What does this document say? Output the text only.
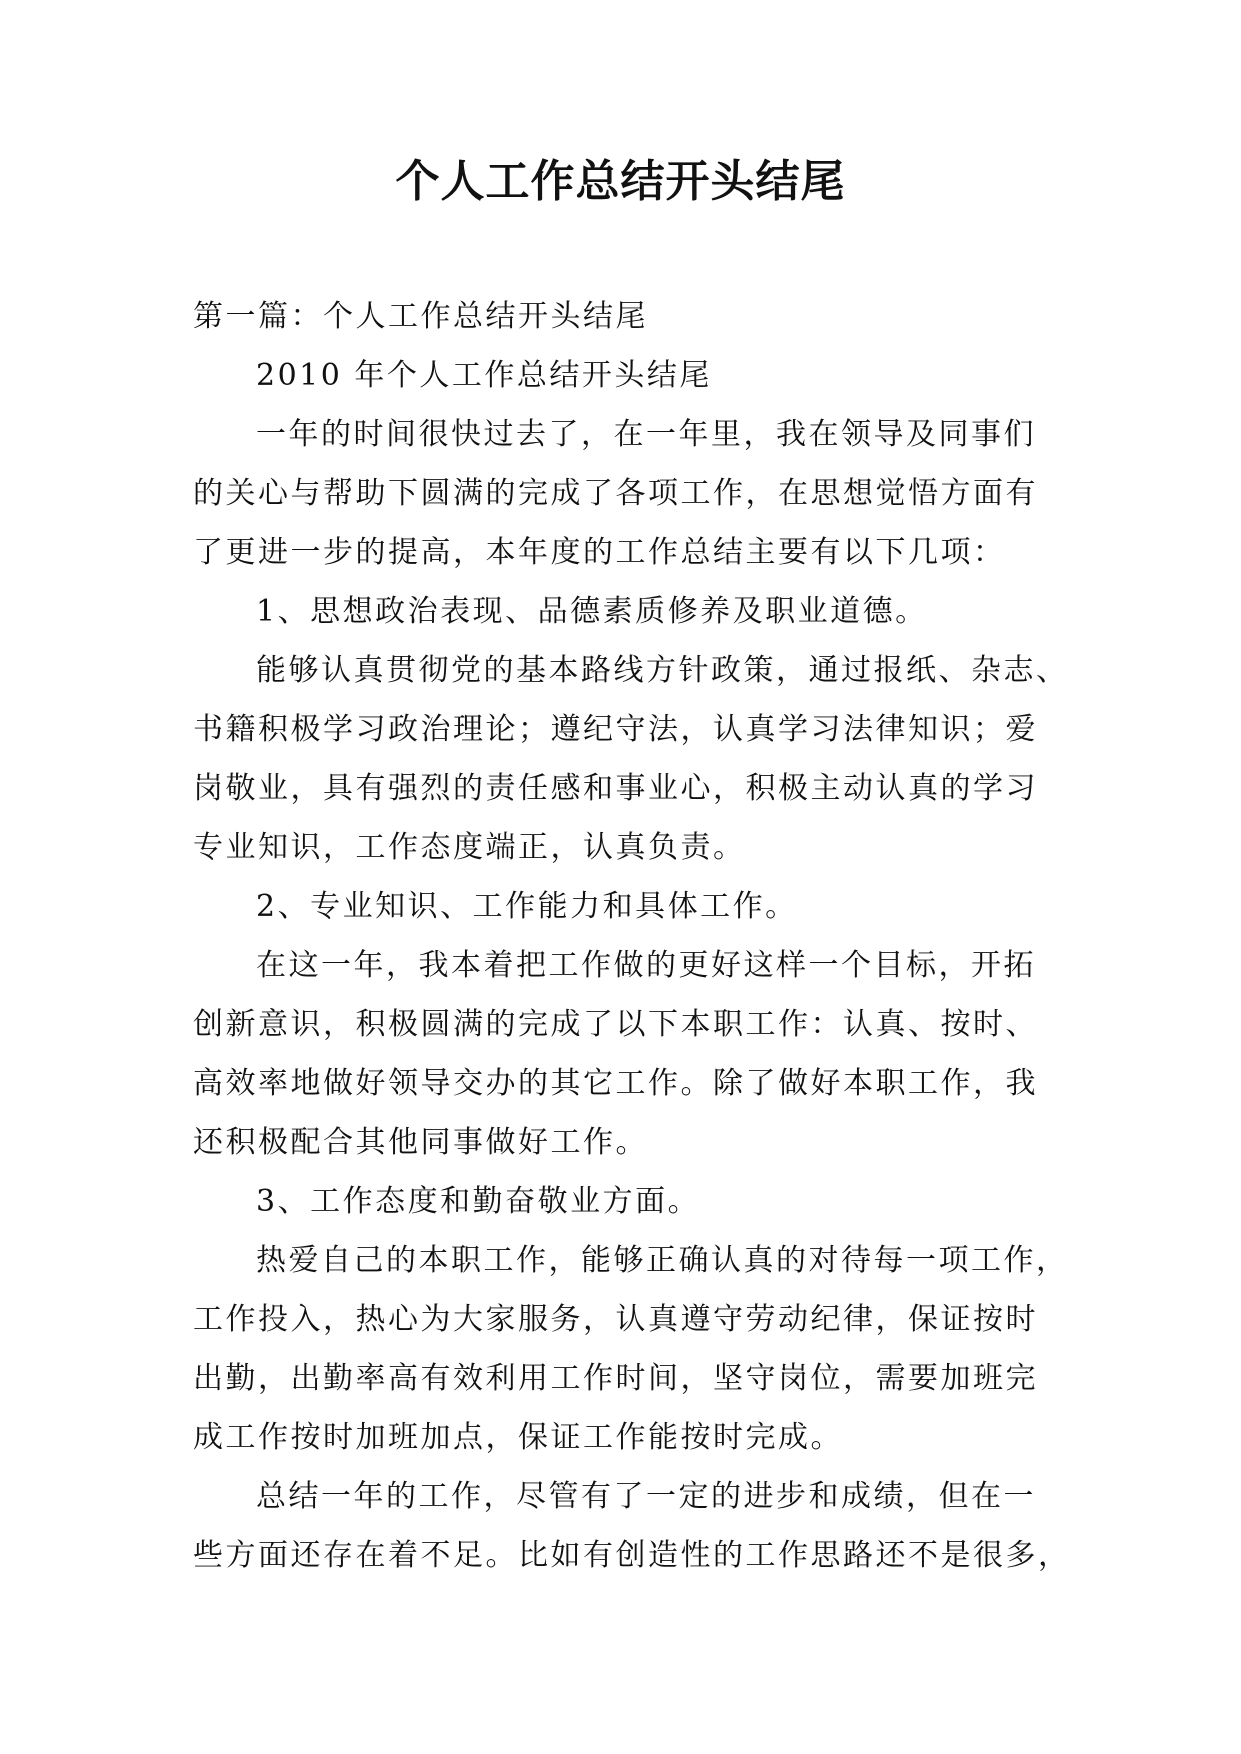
个人工作总结开头结尾

第一篇：个人工作总结开头结尾

2010 年个人工作总结开头结尾

一年的时间很快过去了，在一年里，我在领导及同事们

的关心与帮助下圆满的完成了各项工作，在思想觉悟方面有

了更进一步的提高，本年度的工作总结主要有以下几项：

1、思想政治表现、品德素质修养及职业道德。

能够认真贯彻党的基本路线方针政策，通过报纸、杂志、

书籍积极学习政治理论；遵纪守法，认真学习法律知识；爱

岗敬业，具有强烈的责任感和事业心，积极主动认真的学习

专业知识，工作态度端正，认真负责。

2、专业知识、工作能力和具体工作。

在这一年，我本着把工作做的更好这样一个目标，开拓

创新意识，积极圆满的完成了以下本职工作：认真、按时、

高效率地做好领导交办的其它工作。除了做好本职工作，我

还积极配合其他同事做好工作。

3、工作态度和勤奋敬业方面。

热爱自己的本职工作，能够正确认真的对待每一项工作，

工作投入，热心为大家服务，认真遵守劳动纪律，保证按时

出勤，出勤率高有效利用工作时间，坚守岗位，需要加班完

成工作按时加班加点，保证工作能按时完成。

总结一年的工作，尽管有了一定的进步和成绩，但在一

些方面还存在着不足。比如有创造性的工作思路还不是很多，
